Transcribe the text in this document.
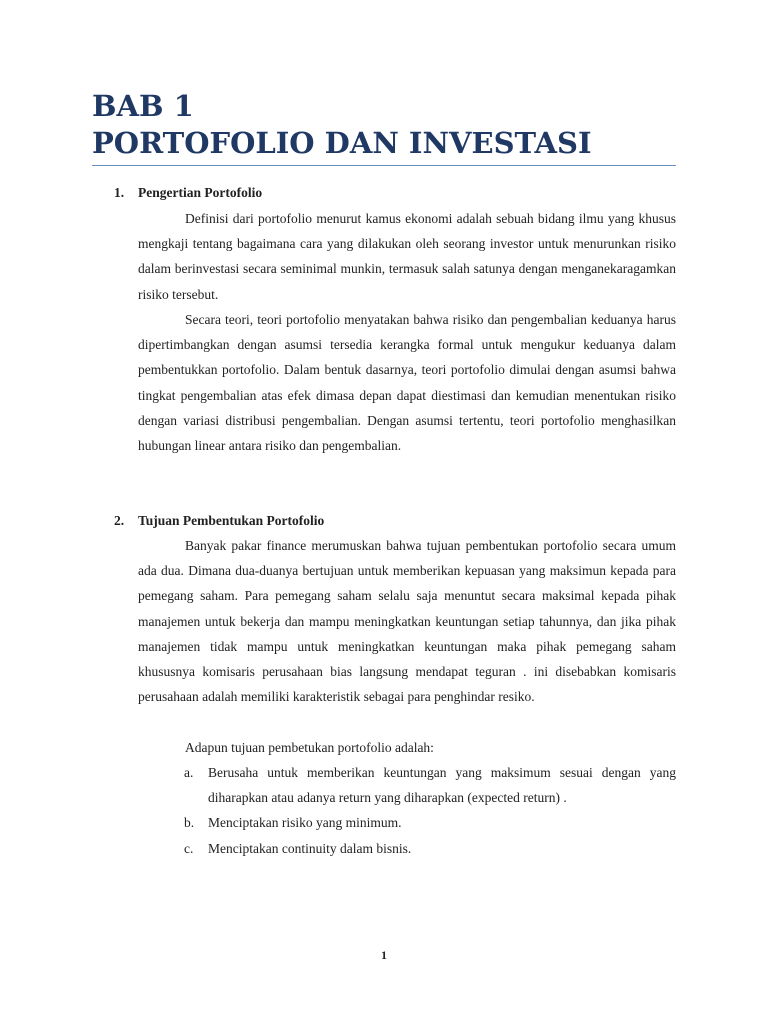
BAB 1
PORTOFOLIO DAN INVESTASI
1. Pengertian Portofolio

Definisi dari portofolio menurut kamus ekonomi adalah sebuah bidang ilmu yang khusus mengkaji tentang bagaimana cara yang dilakukan oleh seorang investor untuk menurunkan risiko dalam berinvestasi secara seminimal munkin, termasuk salah satunya dengan menganekaragamkan risiko tersebut.

Secara teori, teori portofolio menyatakan bahwa risiko dan pengembalian keduanya harus dipertimbangkan dengan asumsi tersedia kerangka formal untuk mengukur keduanya dalam pembentukkan portofolio. Dalam bentuk dasarnya, teori portofolio dimulai dengan asumsi bahwa tingkat pengembalian atas efek dimasa depan dapat diestimasi dan kemudian menentukan risiko dengan variasi distribusi pengembalian. Dengan asumsi tertentu, teori portofolio menghasilkan hubungan linear antara risiko dan pengembalian.

2. Tujuan Pembentukan Portofolio

Banyak pakar finance merumuskan bahwa tujuan pembentukan portofolio secara umum ada dua. Dimana dua-duanya bertujuan untuk memberikan kepuasan yang maksimun kepada para pemegang saham. Para pemegang saham selalu saja menuntut secara maksimal kepada pihak manajemen untuk bekerja dan mampu meningkatkan keuntungan setiap tahunnya, dan jika pihak manajemen tidak mampu untuk meningkatkan keuntungan maka pihak pemegang saham khususnya komisaris perusahaan bias langsung mendapat teguran . ini disebabkan komisaris perusahaan adalah memiliki karakteristik sebagai para penghindar resiko.

Adapun tujuan pembetukan portofolio adalah:

a. Berusaha untuk memberikan keuntungan yang maksimum sesuai dengan yang diharapkan atau adanya return yang diharapkan (expected return) .
b. Menciptakan risiko yang minimum.
c. Menciptakan continuity dalam bisnis.
1
